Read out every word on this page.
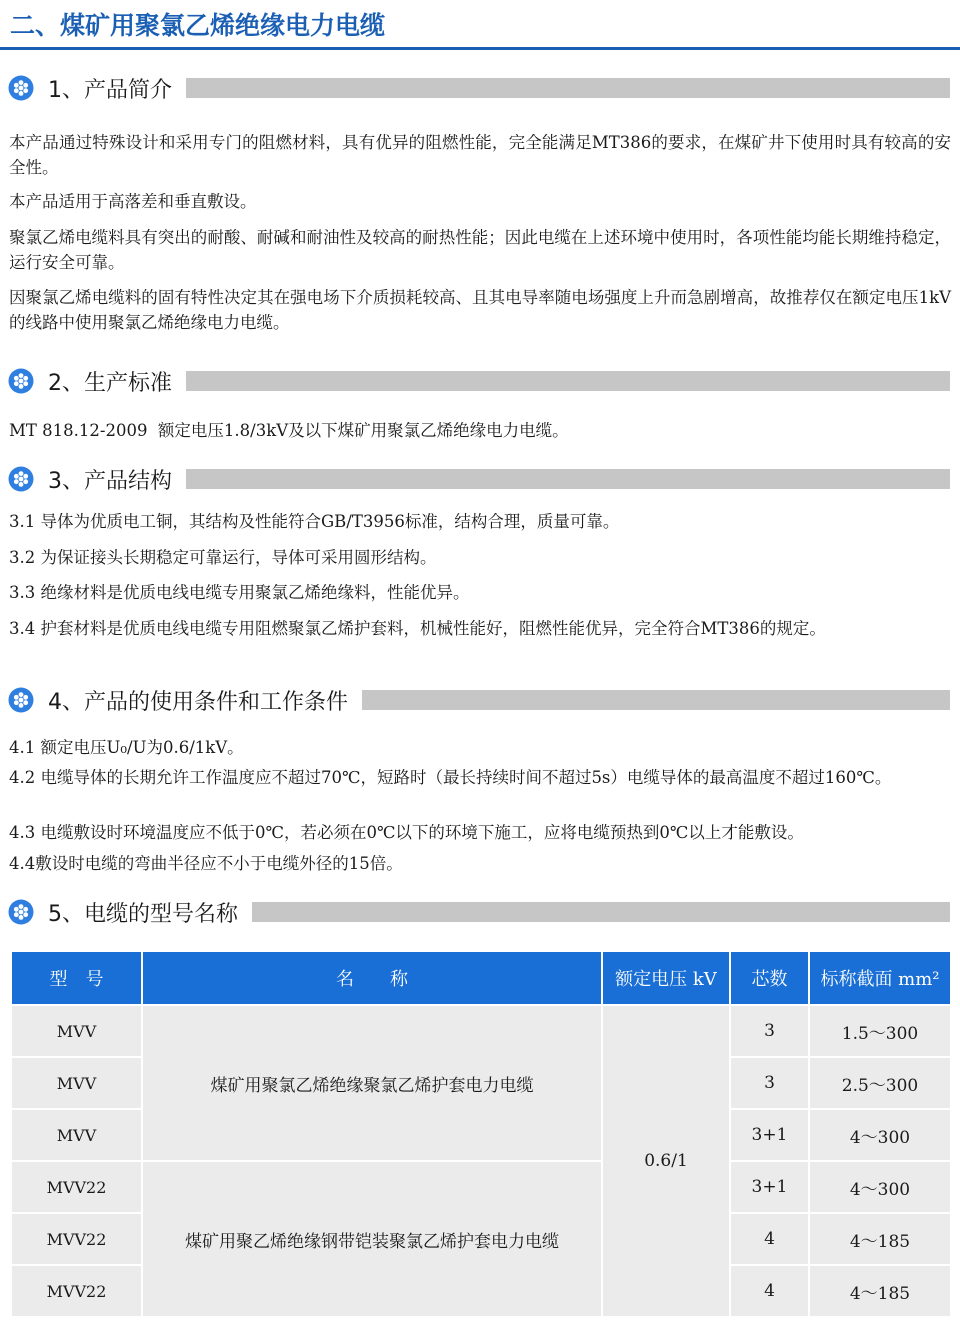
二、煤矿用聚氯乙烯绝缘电力电缆
1、产品简介
本产品通过特殊设计和采用专门的阻燃材料，具有优异的阻燃性能，完全能满足MT386的要求，在煤矿井下使用时具有较高的安全性。
本产品适用于高落差和垂直敷设。
聚氯乙烯电缆料具有突出的耐酸、耐碱和耐油性及较高的耐热性能；因此电缆在上述环境中使用时，各项性能均能长期维持稳定，运行安全可靠。
因聚氯乙烯电缆料的固有特性决定其在强电场下介质损耗较高、且其电导率随电场强度上升而急剧增高，故推荐仅在额定电压1kV的线路中使用聚氯乙烯绝缘电力电缆。
2、生产标准
MT 818.12-2009  额定电压1.8/3kV及以下煤矿用聚氯乙烯绝缘电力电缆。
3、产品结构
3.1 导体为优质电工铜，其结构及性能符合GB/T3956标准，结构合理，质量可靠。
3.2 为保证接头长期稳定可靠运行，导体可采用圆形结构。
3.3 绝缘材料是优质电线电缆专用聚氯乙烯绝缘料，性能优异。
3.4 护套材料是优质电线电缆专用阻燃聚氯乙烯护套料，机械性能好，阻燃性能优异，完全符合MT386的规定。
4、产品的使用条件和工作条件
4.1 额定电压U₀/U为0.6/1kV。
4.2 电缆导体的长期允许工作温度应不超过70℃，短路时（最长持续时间不超过5s）电缆导体的最高温度不超过160℃。
4.3 电缆敷设时环境温度应不低于0℃，若必须在0℃以下的环境下施工，应将电缆预热到0℃以上才能敷设。
4.4敷设时电缆的弯曲半径应不小于电缆外径的15倍。
5、电缆的型号名称
型　号	名　　称	额定电压 kV	芯数	标称截面 mm²
MVV	煤矿用聚氯乙烯绝缘聚氯乙烯护套电力电缆	0.6/1	3	1.5～300
MVV			3	2.5～300
MVV			3+1	4～300
MVV22	煤矿用聚乙烯绝缘钢带铠装聚氯乙烯护套电力电缆		3+1	4～300
MVV22			4	4～185
MVV22			4	4～185
